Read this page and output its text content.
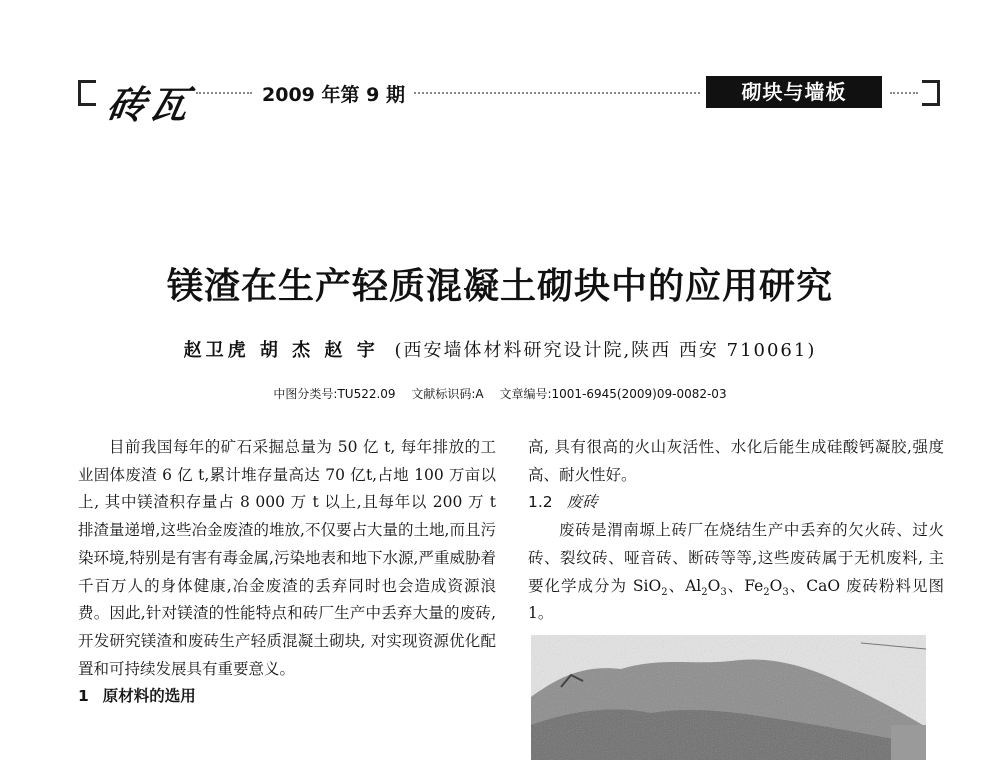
砖瓦	2009 年第 9 期	砌块与墙板
镁渣在生产轻质混凝土砌块中的应用研究
赵卫虎 胡 杰 赵 宇 (西安墙体材料研究设计院,陕西 西安 710061)
中图分类号:TU522.09 文献标识码:A 文章编号:1001-6945(2009)09-0082-03

目前我国每年的矿石采掘总量为 50 亿 t, 每年排放的工业固体废渣 6 亿 t,累计堆存量高达 70 亿t,占地 100 万亩以上, 其中镁渣积存量占 8 000 万 t 以上,且每年以 200 万 t 排渣量递增,这些冶金废渣的堆放,不仅要占大量的土地,而且污染环境,特别是有害有毒金属,污染地表和地下水源,严重威胁着千百万人的身体健康,冶金废渣的丢弃同时也会造成资源浪费。因此,针对镁渣的性能特点和砖厂生产中丢弃大量的废砖,开发研究镁渣和废砖生产轻质混凝土砌块, 对实现资源优化配置和可持续发展具有重要意义。

1 原材料的选用

高, 具有很高的火山灰活性、水化后能生成硅酸钙凝胶,强度高、耐火性好。

1.2 废砖

废砖是渭南塬上砖厂在烧结生产中丢弃的欠火砖、过火砖、裂纹砖、哑音砖、断砖等等,这些废砖属于无机废料, 主要化学成分为 SiO$_2$、$Al_2O_3$、$Fe_2O_3$、CaO 废砖粉料见图 1。
